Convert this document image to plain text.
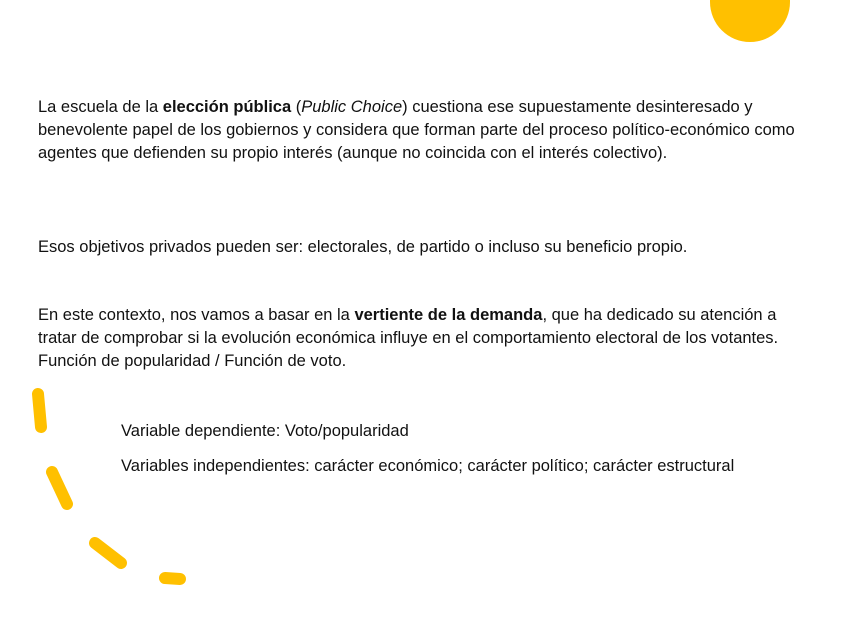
La escuela de la elección pública (Public Choice) cuestiona ese supuestamente desinteresado y benevolente papel de los gobiernos y considera que forman parte del proceso político-económico como agentes que defienden su propio interés (aunque no coincida con el interés colectivo).

Esos objetivos privados pueden ser: electorales, de partido o incluso su beneficio propio.

En este contexto, nos vamos a basar en la vertiente de la demanda, que ha dedicado su atención a tratar de comprobar si la evolución económica influye en el comportamiento electoral de los votantes. Función de popularidad / Función de voto.

Variable dependiente: Voto/popularidad

Variables independientes: carácter económico; carácter político; carácter estructural
